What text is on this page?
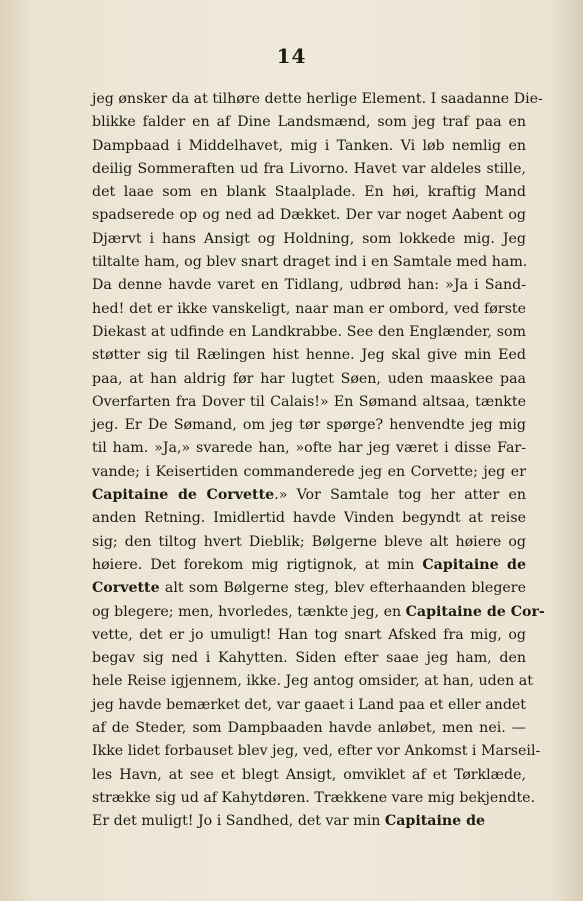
14
jeg ønsker da at tilhøre dette herlige Element. I saadanne Die-
blikke falder en af Dine Landsmænd, som jeg traf paa en
Dampbaad i Middelhavet, mig i Tanken. Vi løb nemlig en
deilig Sommeraften ud fra Livorno. Havet var aldeles stille,
det laae som en blank Staalplade. En høi, kraftig Mand
spadserede op og ned ad Dækket. Der var noget Aabent og
Djærvt i hans Ansigt og Holdning, som lokkede mig. Jeg
tiltalte ham, og blev snart draget ind i en Samtale med ham.
Da denne havde varet en Tidlang, udbrød han: »Ja i Sand-
hed! det er ikke vanskeligt, naar man er ombord, ved første
Diekast at udfinde en Landkrabbe. See den Englænder, som
støtter sig til Rælingen hist henne. Jeg skal give min Eed
paa, at han aldrig før har lugtet Søen, uden maaskee paa
Overfarten fra Dover til Calais!» En Sømand altsaa, tænkte
jeg. Er De Sømand, om jeg tør spørge? henvendte jeg mig
til ham. »Ja,» svarede han, »ofte har jeg været i disse Far-
vande; i Keisertiden commanderede jeg en Corvette; jeg er
Capitaine de Corvette.» Vor Samtale tog her atter en
anden Retning. Imidlertid havde Vinden begyndt at reise
sig; den tiltog hvert Dieblik; Bølgerne bleve alt høiere og
høiere. Det forekom mig rigtignok, at min Capitaine de
Corvette alt som Bølgerne steg, blev efterhaanden blegere
og blegere; men, hvorledes, tænkte jeg, en Capitaine de Cor-
vette, det er jo umuligt! Han tog snart Afsked fra mig, og
begav sig ned i Kahytten. Siden efter saae jeg ham, den
hele Reise igjennem, ikke. Jeg antog omsider, at han, uden at
jeg havde bemærket det, var gaaet i Land paa et eller andet
af de Steder, som Dampbaaden havde anløbet, men nei. —
Ikke lidet forbauset blev jeg, ved, efter vor Ankomst i Marseil-
les Havn, at see et blegt Ansigt, omviklet af et Tørklæde,
strække sig ud af Kahytdøren. Trækkene vare mig bekjendte.
Er det muligt! Jo i Sandhed, det var min Capitaine de
